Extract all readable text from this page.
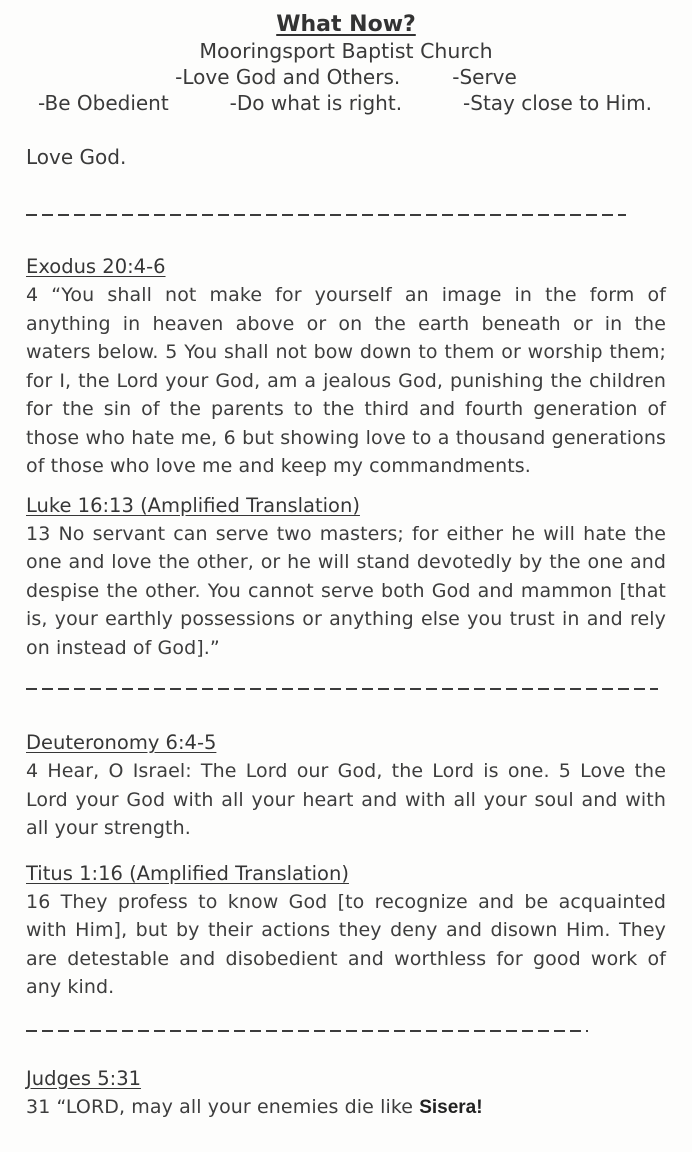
What Now?
Mooringsport Baptist Church
-Love God and Others.	-Serve
-Be Obedient	-Do what is right.	-Stay close to Him.
Love God.
Exodus 20:4-6
4 “You shall not make for yourself an image in the form of anything in heaven above or on the earth beneath or in the waters below. 5 You shall not bow down to them or worship them; for I, the Lord your God, am a jealous God, punishing the children for the sin of the parents to the third and fourth generation of those who hate me, 6 but showing love to a thousand generations of those who love me and keep my commandments.
Luke 16:13 (Amplified Translation)
13 No servant can serve two masters; for either he will hate the one and love the other, or he will stand devotedly by the one and despise the other. You cannot serve both God and mammon [that is, your earthly possessions or anything else you trust in and rely on instead of God].”
Deuteronomy 6:4-5
4 Hear, O Israel: The Lord our God, the Lord is one. 5 Love the Lord your God with all your heart and with all your soul and with all your strength.
Titus 1:16 (Amplified Translation)
16 They profess to know God [to recognize and be acquainted with Him], but by their actions they deny and disown Him. They are detestable and disobedient and worthless for good work of any kind.
Judges 5:31
31 “LORD, may all your enemies die like Sisera!
